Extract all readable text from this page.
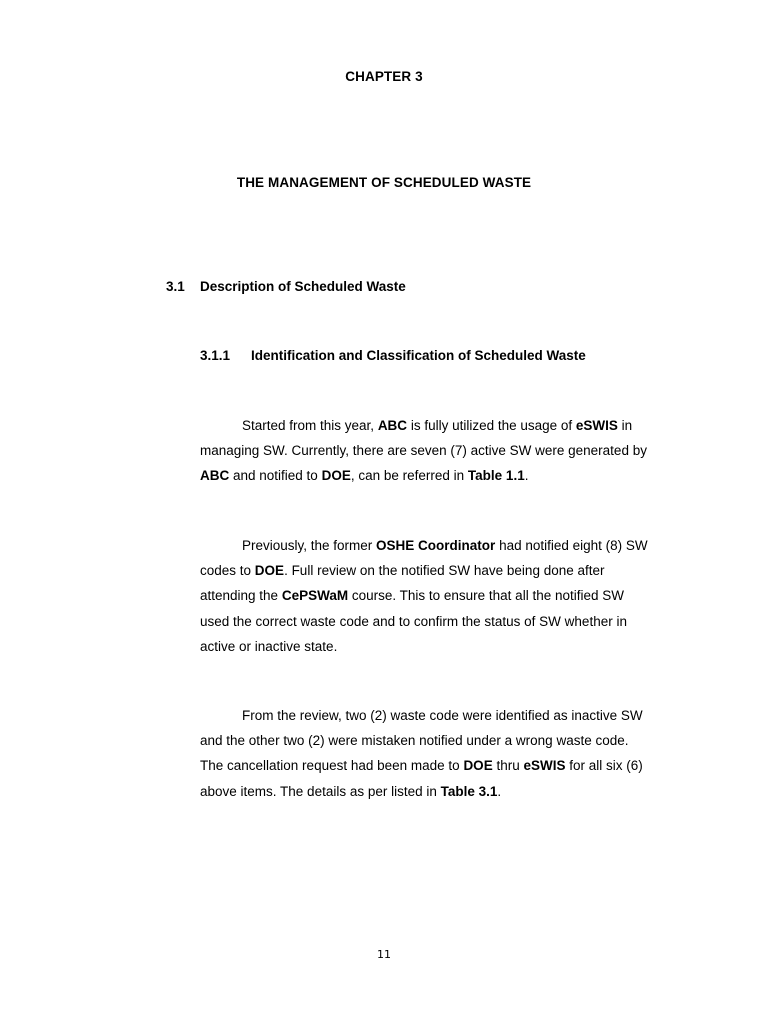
CHAPTER 3
THE MANAGEMENT OF SCHEDULED WASTE
3.1 Description of Scheduled Waste
3.1.1 Identification and Classification of Scheduled Waste

Started from this year, ABC is fully utilized the usage of eSWIS in managing SW. Currently, there are seven (7) active SW were generated by ABC and notified to DOE, can be referred in Table 1.1.

Previously, the former OSHE Coordinator had notified eight (8) SW codes to DOE. Full review on the notified SW have being done after attending the CePSWaM course. This to ensure that all the notified SW used the correct waste code and to confirm the status of SW whether in active or inactive state.

From the review, two (2) waste code were identified as inactive SW and the other two (2) were mistaken notified under a wrong waste code. The cancellation request had been made to DOE thru eSWIS for all six (6) above items. The details as per listed in Table 3.1.

11
